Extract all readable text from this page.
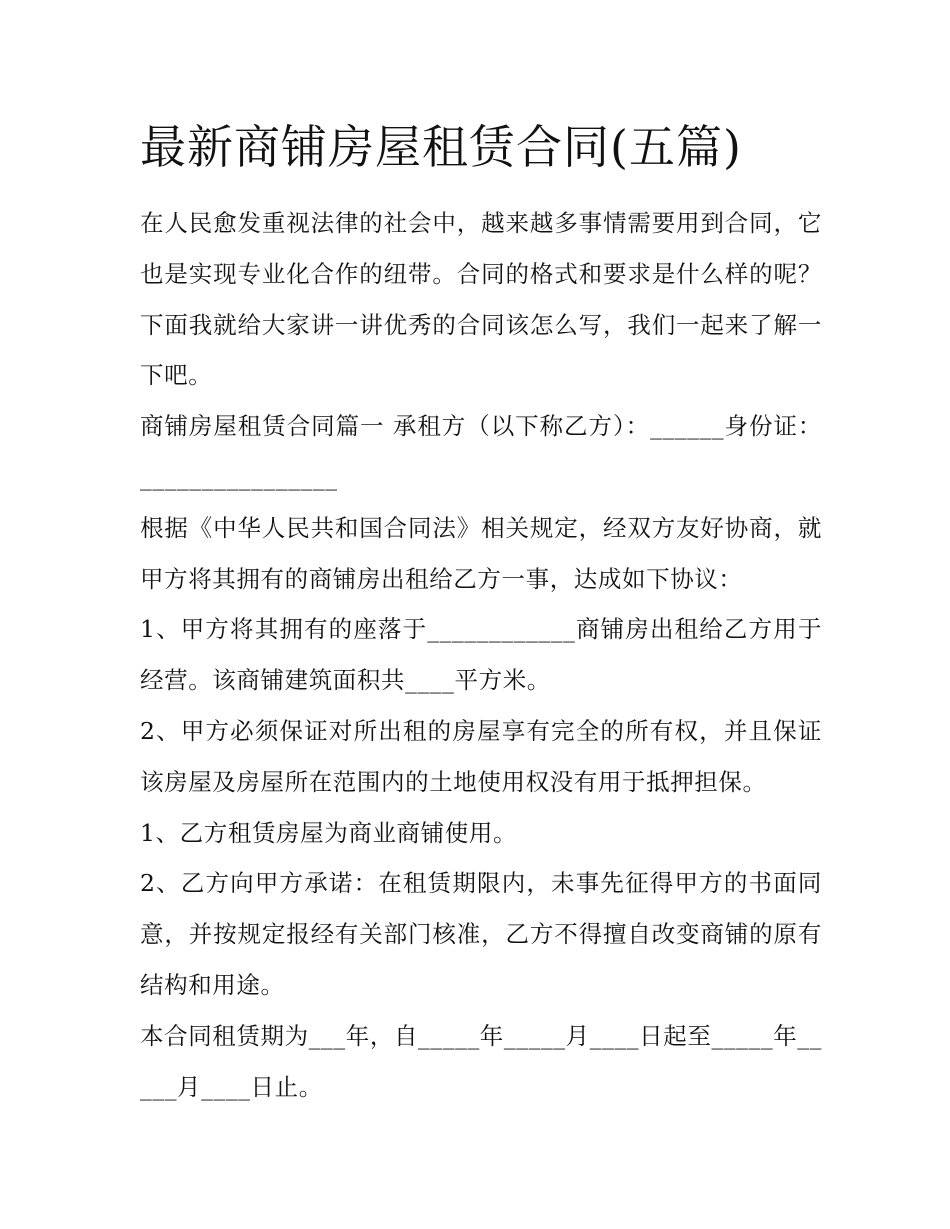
最新商铺房屋租赁合同(五篇)

在人民愈发重视法律的社会中，越来越多事情需要用到合同，它也是实现专业化合作的纽带。合同的格式和要求是什么样的呢？下面我就给大家讲一讲优秀的合同该怎么写，我们一起来了解一下吧。

商铺房屋租赁合同篇一 承租方（以下称乙方）：______身份证：________________

根据《中华人民共和国合同法》相关规定，经双方友好协商，就甲方将其拥有的商铺房出租给乙方一事，达成如下协议：

1、甲方将其拥有的座落于____________商铺房出租给乙方用于经营。该商铺建筑面积共____平方米。

2、甲方必须保证对所出租的房屋享有完全的所有权，并且保证该房屋及房屋所在范围内的土地使用权没有用于抵押担保。

1、乙方租赁房屋为商业商铺使用。

2、乙方向甲方承诺：在租赁期限内，未事先征得甲方的书面同意，并按规定报经有关部门核准，乙方不得擅自改变商铺的原有结构和用途。

本合同租赁期为___年，自_____年_____月____日起至_____年_____月____日止。
